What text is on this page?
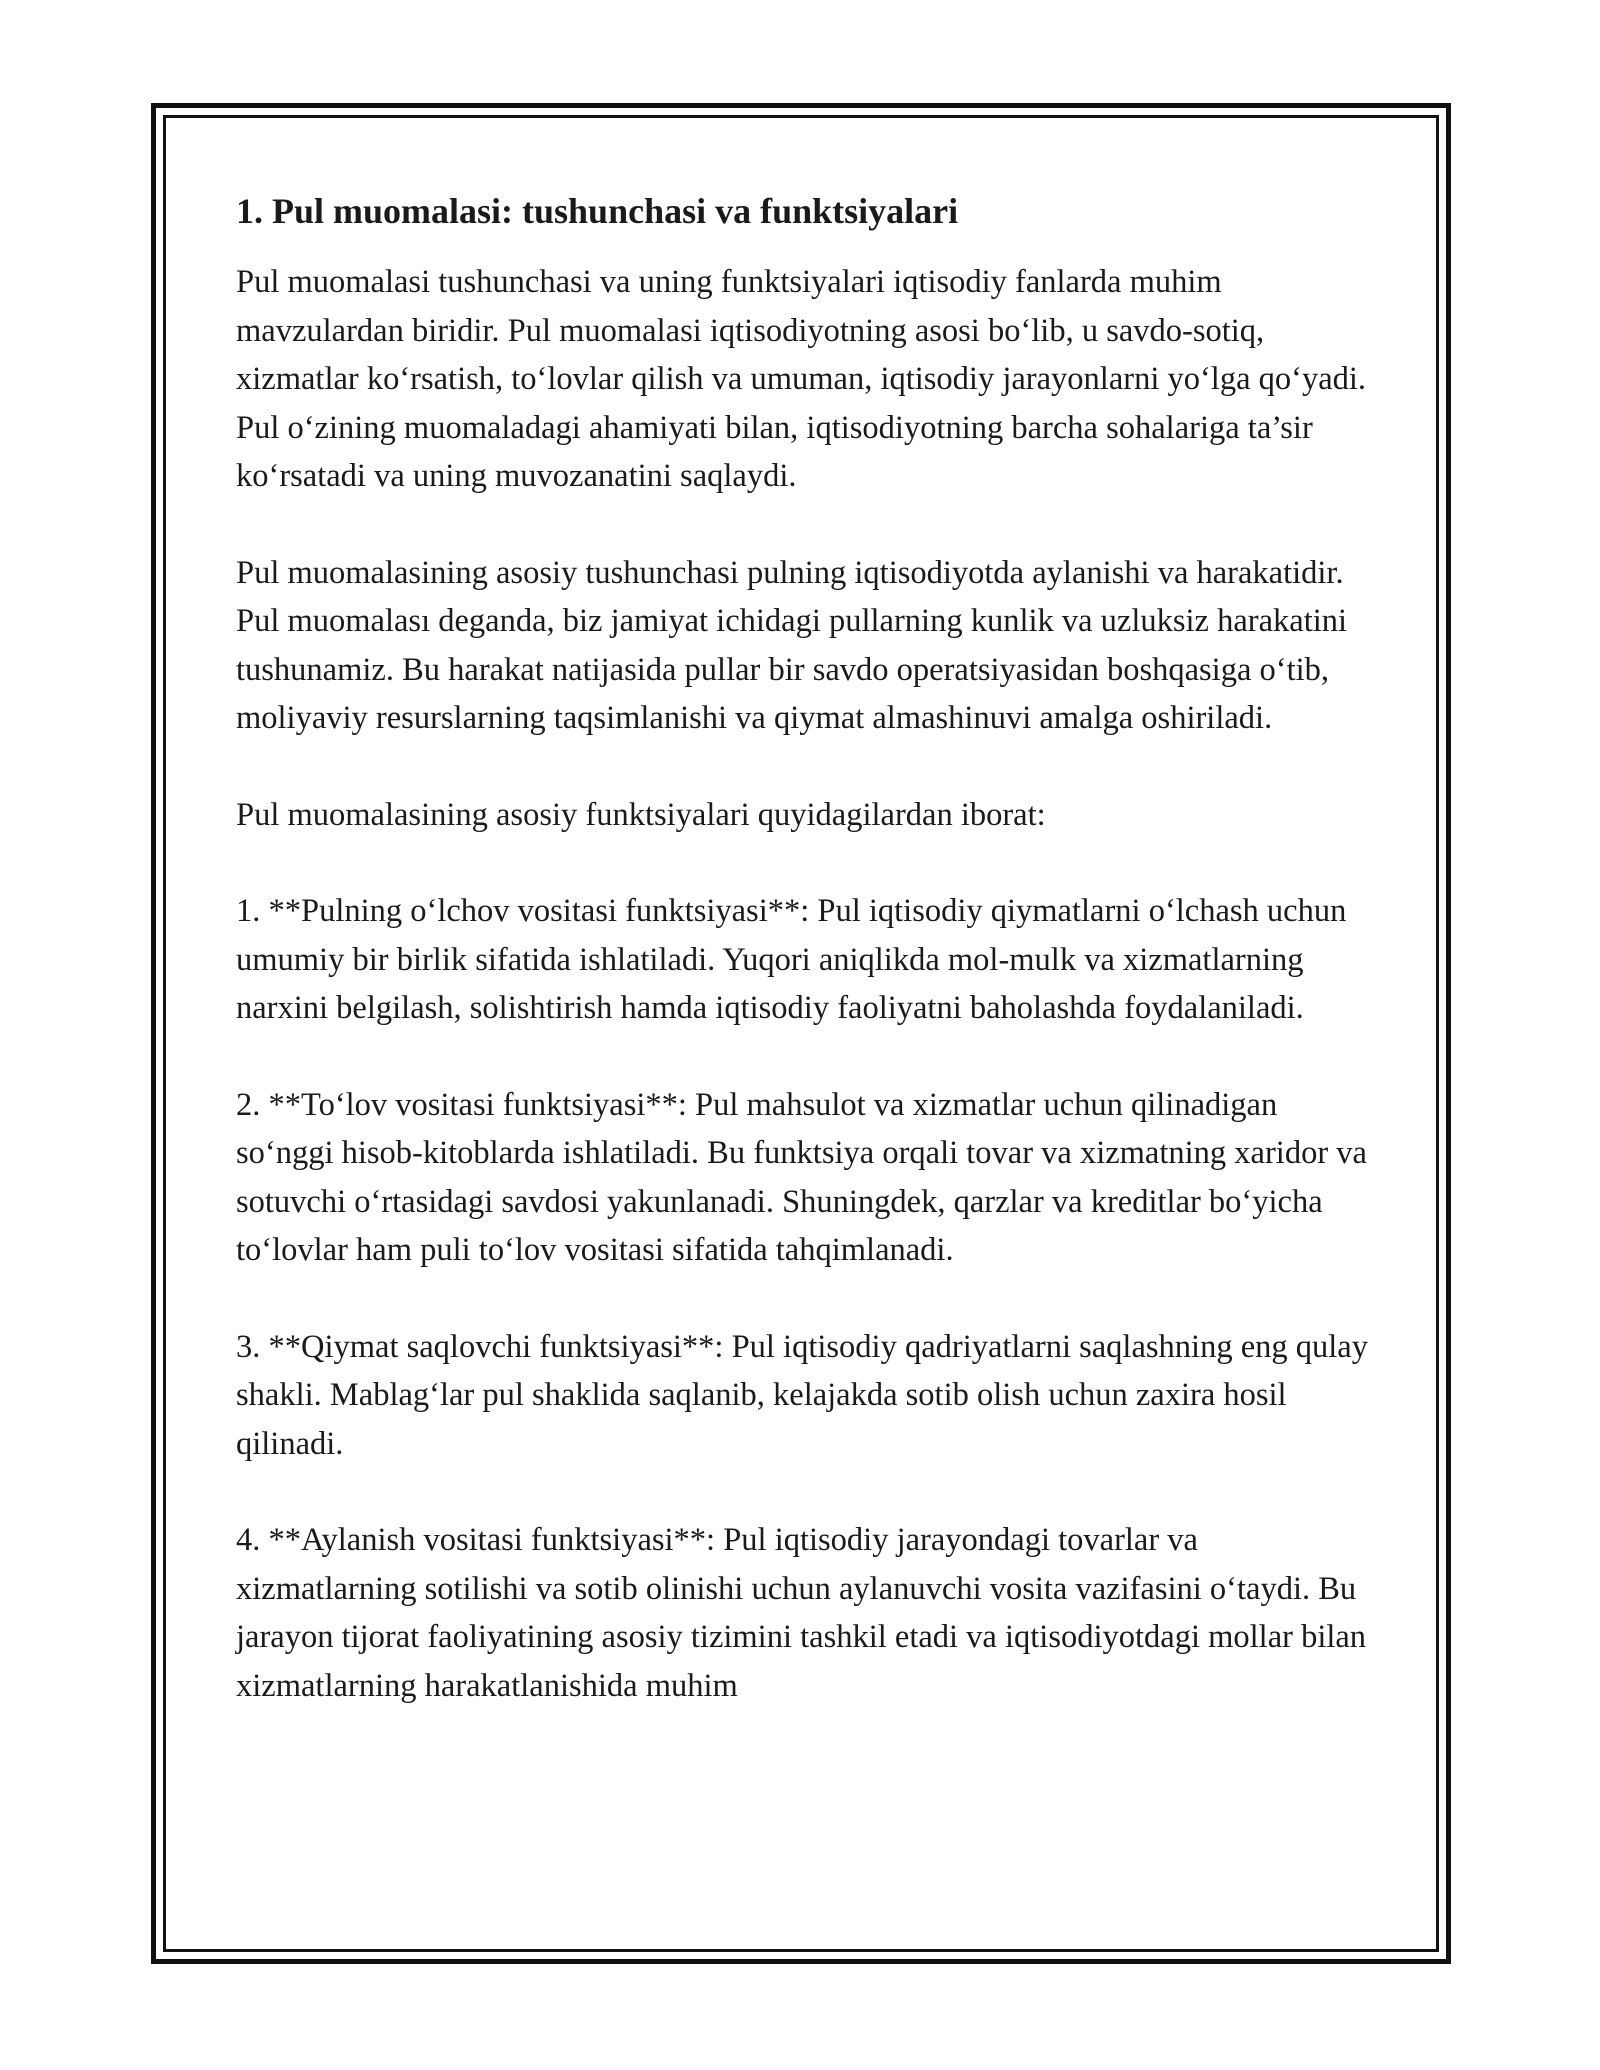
1. Pul muomalasi: tushunchasi va funktsiyalari

Pul muomalasi tushunchasi va uning funktsiyalari iqtisodiy fanlarda muhim mavzulardan biridir. Pul muomalasi iqtisodiyotning asosi bo‘lib, u savdo-sotiq, xizmatlar ko‘rsatish, to‘lovlar qilish va umuman, iqtisodiy jarayonlarni yo‘lga qo‘yadi. Pul o‘zining muomaladagi ahamiyati bilan, iqtisodiyotning barcha sohalariga ta’sir ko‘rsatadi va uning muvozanatini saqlaydi.

Pul muomalasining asosiy tushunchasi pulning iqtisodiyotda aylanishi va harakatidir. Pul muomalası deganda, biz jamiyat ichidagi pullarning kunlik va uzluksiz harakatini tushunamiz. Bu harakat natijasida pullar bir savdo operatsiyasidan boshqasiga o‘tib, moliyaviy resurslarning taqsimlanishi va qiymat almashinuvi amalga oshiriladi.

Pul muomalasining asosiy funktsiyalari quyidagilardan iborat:

1. **Pulning o‘lchov vositasi funktsiyasi**: Pul iqtisodiy qiymatlarni o‘lchash uchun umumiy bir birlik sifatida ishlatiladi. Yuqori aniqlikda mol-mulk va xizmatlarning narxini belgilash, solishtirish hamda iqtisodiy faoliyatni baholashda foydalaniladi.

2. **To‘lov vositasi funktsiyasi**: Pul mahsulot va xizmatlar uchun qilinadigan so‘nggi hisob-kitoblarda ishlatiladi. Bu funktsiya orqali tovar va xizmatning xaridor va sotuvchi o‘rtasidagi savdosi yakunlanadi. Shuningdek, qarzlar va kreditlar bo‘yicha to‘lovlar ham puli to‘lov vositasi sifatida tahqimlanadi.

3. **Qiymat saqlovchi funktsiyasi**: Pul iqtisodiy qadriyatlarni saqlashning eng qulay shakli. Mablag‘lar pul shaklida saqlanib, kelajakda sotib olish uchun zaxira hosil qilinadi.

4. **Aylanish vositasi funktsiyasi**: Pul iqtisodiy jarayondagi tovarlar va xizmatlarning sotilishi va sotib olinishi uchun aylanuvchi vosita vazifasini o‘taydi. Bu jarayon tijorat faoliyatining asosiy tizimini tashkil etadi va iqtisodiyotdagi mollar bilan xizmatlarning harakatlanishida muhim
